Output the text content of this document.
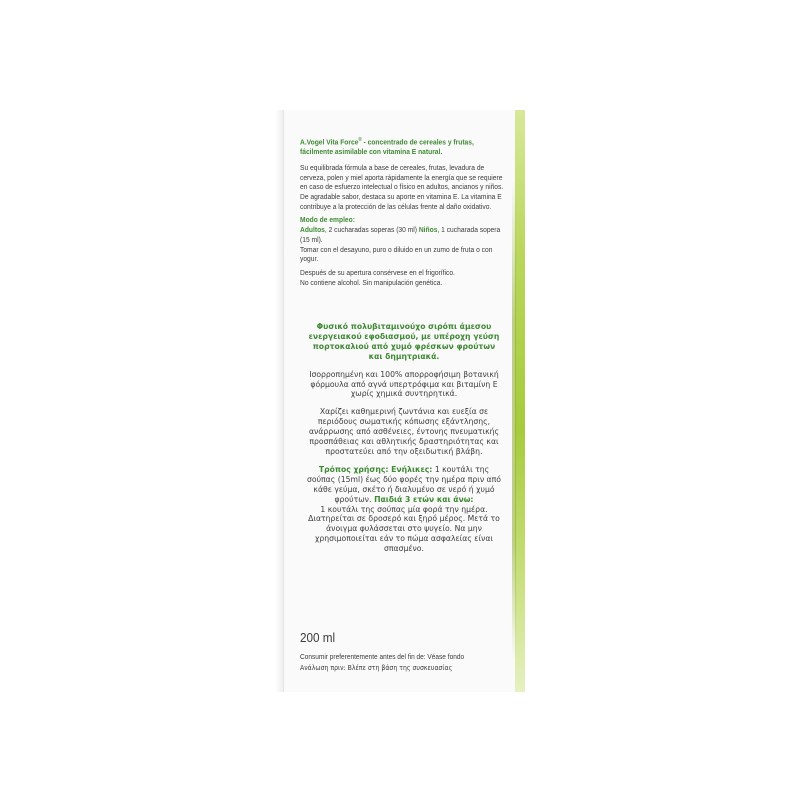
A.Vogel Vita Force® - concentrado de cereales y frutas, fácilmente asimilable con vitamina E natural.

Su equilibrada fórmula a base de cereales, frutas, levadura de cerveza, polen y miel aporta rápidamente la energía que se requiere en caso de esfuerzo intelectual o físico en adultos, ancianos y niños.

De agradable sabor, destaca su aporte en vitamina E. La vitamina E contribuye a la protección de las células frente al daño oxidativo.

Modo de empleo:

Adultos, 2 cucharadas soperas (30 ml) Niños, 1 cucharada sopera (15 ml).

Tomar con el desayuno, puro o diluido en un zumo de fruta o con yogur.

Después de su apertura consérvese en el frigorífico.

No contiene alcohol. Sin manipulación genética.

Φυσικό πολυβιταμινούχο σιρόπι άμεσου ενεργειακού εφοδιασμού, με υπέροχη γεύση πορτοκαλιού από χυμό φρέσκων φρούτων και δημητριακά.

Ισορροπημένη και 100% απορροφήσιμη βοτανική φόρμουλα από αγνά υπερτρόφιμα και βιταμίνη Ε χωρίς χημικά συντηρητικά.

Χαρίζει καθημερινή ζωντάνια και ευεξία σε περιόδους σωματικής κόπωσης εξάντλησης, ανάρρωσης από ασθένειες, έντονης πνευματικής προσπάθειας και αθλητικής δραστηριότητας και προστατεύει από την οξειδωτική βλάβη.

Τρόπος χρήσης: Ενήλικες: 1 κουτάλι της σούπας (15ml) έως δύο φορές την ημέρα πριν από κάθε γεύμα, σκέτο ή διαλυμένο σε νερό ή χυμό φρούτων. Παιδιά 3 ετών και άνω:
1 κουτάλι της σούπας μία φορά την ημέρα. Διατηρείται σε δροσερό και ξηρό μέρος. Μετά το άνοιγμα φυλάσσεται στο ψυγείο. Να μην χρησιμοποιείται εάν το πώμα ασφαλείας είναι σπασμένο.

200 ml
Consumir preferentemente antes del fin de: Véase fondo
Ανάλωση πριν: Βλέπε στη βάση της συσκευασίας
